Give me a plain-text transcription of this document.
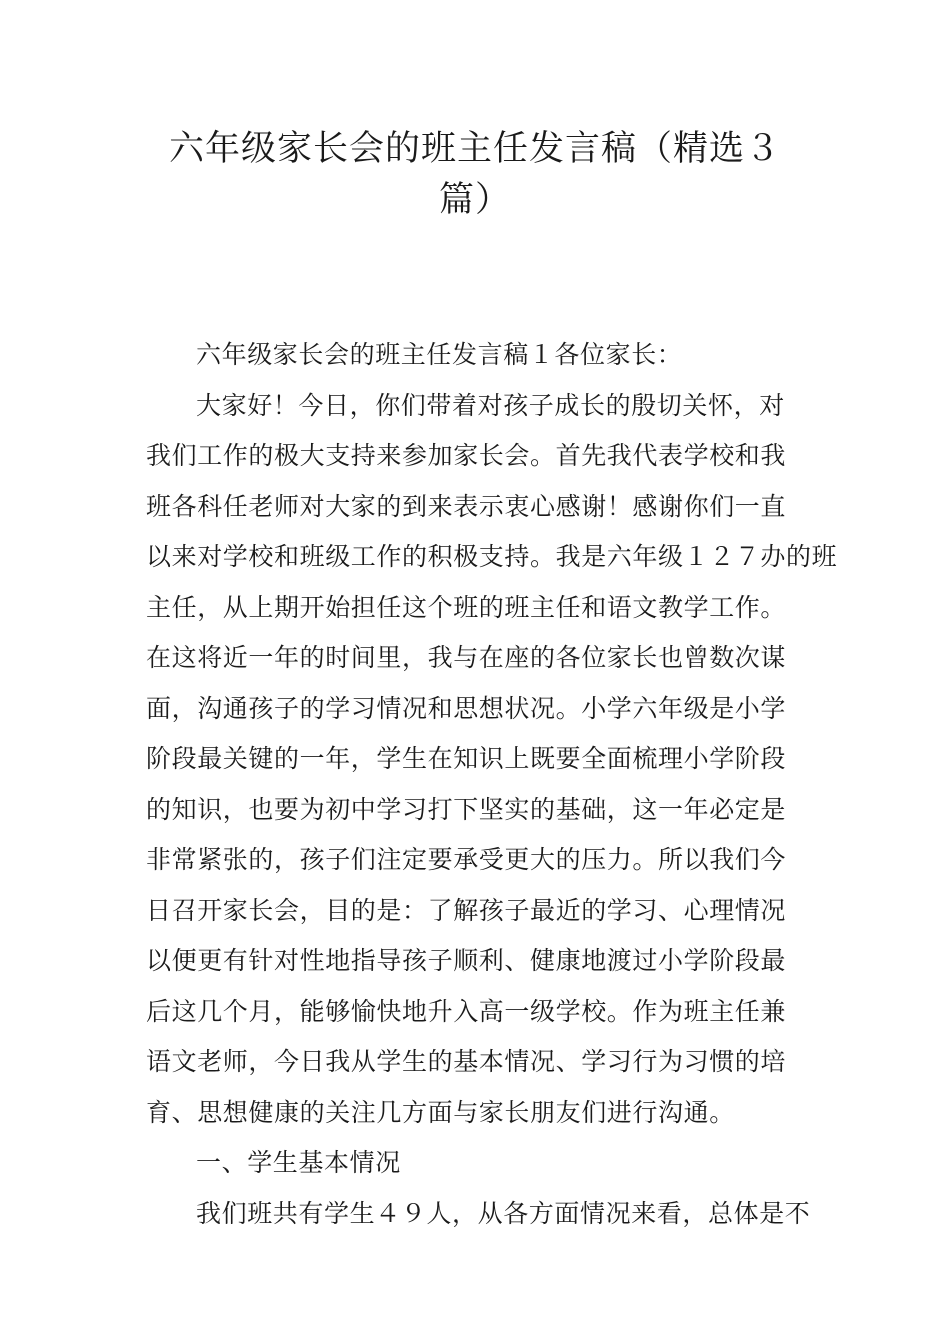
六年级家长会的班主任发言稿（精选３
篇）
六年级家长会的班主任发言稿１各位家长：
大家好！今日，你们带着对孩子成长的殷切关怀，对
我们工作的极大支持来参加家长会。首先我代表学校和我
班各科任老师对大家的到来表示衷心感谢！感谢你们一直
以来对学校和班级工作的积极支持。我是六年级１２７办的班
主任，从上期开始担任这个班的班主任和语文教学工作。
在这将近一年的时间里，我与在座的各位家长也曾数次谋
面，沟通孩子的学习情况和思想状况。小学六年级是小学
阶段最关键的一年，学生在知识上既要全面梳理小学阶段
的知识，也要为初中学习打下坚实的基础，这一年必定是
非常紧张的，孩子们注定要承受更大的压力。所以我们今
日召开家长会，目的是：了解孩子最近的学习、心理情况
以便更有针对性地指导孩子顺利、健康地渡过小学阶段最
后这几个月，能够愉快地升入高一级学校。作为班主任兼
语文老师，今日我从学生的基本情况、学习行为习惯的培
育、思想健康的关注几方面与家长朋友们进行沟通。
一、学生基本情况
我们班共有学生４９人，从各方面情况来看，总体是不
